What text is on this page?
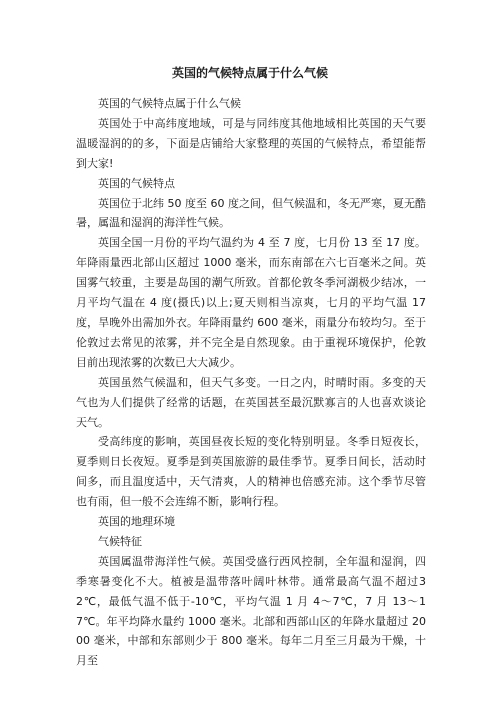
英国的气候特点属于什么气候

英国的气候特点属于什么气候

英国处于中高纬度地域，可是与同纬度其他地域相比英国的天气要温暖湿润的的多，下面是店铺给大家整理的英国的气候特点，希望能帮到大家!

英国的气候特点

英国位于北纬 50 度至 60 度之间，但气候温和，冬无严寒，夏无酷暑，属温和湿润的海洋性气候。

英国全国一月份的平均气温约为 4 至 7 度，七月份 13 至 17 度。年降雨量西北部山区超过 1000 毫米，而东南部在六七百毫米之间。英国雾气较重，主要是岛国的潮气所致。首都伦敦冬季河湖极少结冰，一月平均气温在 4 度(摄氏)以上;夏天则相当凉爽，七月的平均气温 17 度，旱晚外出需加外衣。年降雨量约 600 毫米，雨量分布较均匀。至于伦敦过去常见的浓雾，并不完全是自然现象。由于重视环境保护，伦敦目前出现浓雾的次数已大大减少。

英国虽然气候温和，但天气多变。一日之内，时晴时雨。多变的天气也为人们提供了经常的话题，在英国甚至最沉默寡言的人也喜欢谈论天气。

受高纬度的影响，英国昼夜长短的变化特别明显。冬季日短夜长，夏季则日长夜短。夏季是到英国旅游的最佳季节。夏季日间长，活动时间多，而且温度适中，天气清爽，人的精神也倍感充沛。这个季节尽管也有雨，但一般不会连绵不断，影响行程。

英国的地理环境

气候特征

英国属温带海洋性气候。英国受盛行西风控制，全年温和湿润，四季寒暑变化不大。植被是温带落叶阔叶林带。通常最高气温不超过32℃，最低气温不低于-10℃，平均气温 1 月 4～7℃，7 月 13～17℃。年平均降水量约 1000 毫米。北部和西部山区的年降水量超过 2000 毫米，中部和东部则少于 800 毫米。每年二月至三月最为干燥，十月至
